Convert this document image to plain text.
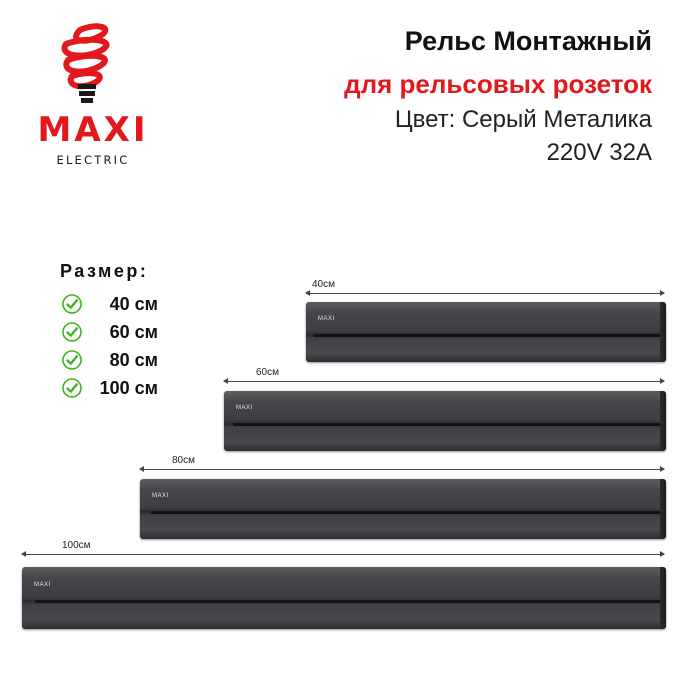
MAXI
ELECTRIC
Рельс Монтажный
для рельсовых розеток
Цвет: Серый Металика
220V 32A
Размер:
40 см
60 см
80 см
100 см
40см
MAXI
60см
MAXI
80см
MAXI
100см
MAXI
